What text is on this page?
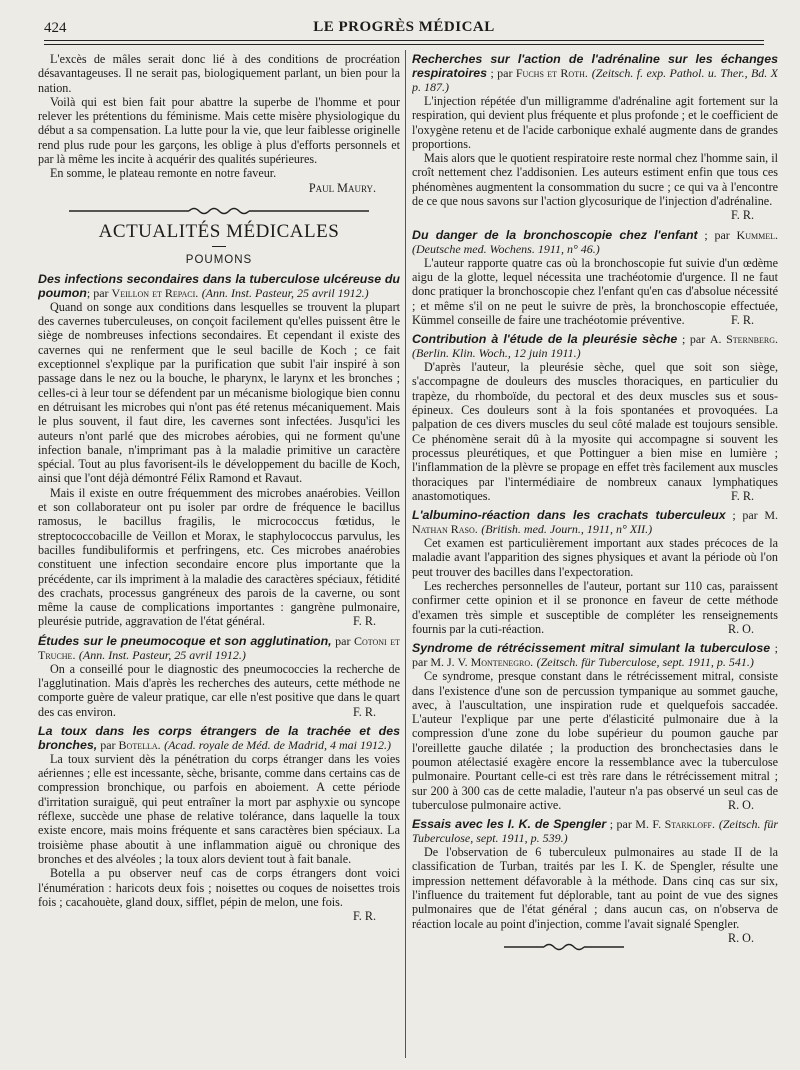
424	LE PROGRÈS MÉDICAL

L'excès de mâles serait donc lié à des conditions de procréation désavantageuses. Il ne serait pas, biologiquement parlant, un bien pour la nation.

Voilà qui est bien fait pour abattre la superbe de l'homme et pour relever les prétentions du féminisme. Mais cette misère physiologique du début a sa compensation. La lutte pour la vie, que leur faiblesse originelle rend plus rude pour les garçons, les oblige à plus d'efforts personnels et par là même les incite à acquérir des qualités supérieures.

En somme, le plateau remonte en notre faveur.

Paul Maury.
ACTUALITÉS MÉDICALES
POUMONS
Des infections secondaires dans la tuberculose ulcéreuse du poumon; par Veillon et Repaci. (Ann. Inst. Pasteur, 25 avril 1912.)

Quand on songe aux conditions dans lesquelles se trouvent la plupart des cavernes tuberculeuses, on conçoit facilement qu'elles puissent être le siège de nombreuses infections secondaires. Et cependant il existe des cavernes qui ne renferment que le seul bacille de Koch ; ce fait exceptionnel s'explique par la purification que subit l'air inspiré à son passage dans le nez ou la bouche, le pharynx, le larynx et les bronches ; celles-ci à leur tour se défendent par un mécanisme biologique bien connu en détruisant les microbes qui n'ont pas été retenus mécaniquement. Mais le plus souvent, il faut dire, les cavernes sont infectées. Jusqu'ici les auteurs n'ont parlé que des microbes aérobies, qui ne forment qu'une infection banale, n'imprimant pas à la maladie primitive un caractère spécial. Tout au plus favorisent-ils le développement du bacille de Koch, ainsi que l'ont déjà démontré Félix Ramond et Ravaut.

Mais il existe en outre fréquemment des microbes anaérobies. Veillon et son collaborateur ont pu isoler par ordre de fréquence le bacillus ramosus, le bacillus fragilis, le micrococcus fœtidus, le streptococcobacille de Veillon et Morax, le staphylococcus parvulus, les bacilles fundibuliformis et perfringens, etc. Ces microbes anaérobies constituent une infection secondaire encore plus importante que la précédente, car ils impriment à la maladie des caractères spéciaux, fétidité des crachats, processus gangréneux des parois de la caverne, ou sont même la cause de complications importantes : gangrène pulmonaire, pleurésie putride, aggravation de l'état général.	F. R.

Études sur le pneumocoque et son agglutination, par Cotoni et Truche. (Ann. Inst. Pasteur, 25 avril 1912.)

On a conseillé pour le diagnostic des pneumococcies la recherche de l'agglutination. Mais d'après les recherches des auteurs, cette méthode ne comporte guère de valeur pratique, car elle n'est positive que dans le quart des cas environ.	F. R.

La toux dans les corps étrangers de la trachée et des bronches, par Botella. (Acad. royale de Méd. de Madrid, 4 mai 1912.)

La toux survient dès la pénétration du corps étranger dans les voies aériennes ; elle est incessante, sèche, brisante, comme dans certains cas de compression bronchique, ou parfois en aboiement. A cette période d'irritation suraiguë, qui peut entraîner la mort par asphyxie ou syncope réflexe, succède une phase de relative tolérance, dans laquelle la toux existe encore, mais moins fréquente et sans caractères bien spéciaux. La troisième phase aboutit à une inflammation aiguë ou chronique des bronches et des alvéoles ; la toux alors devient tout à fait banale.

Botella a pu observer neuf cas de corps étrangers dont voici l'énumération : haricots deux fois ; noisettes ou coques de noisettes trois fois ; cacahouète, gland doux, sifflet, pépin de melon, une fois.
F. R.

Recherches sur l'action de l'adrénaline sur les échanges respiratoires ; par Fuchs et Roth. (Zeitsch. f. exp. Pathol. u. Ther., Bd. X p. 187.)

L'injection répétée d'un milligramme d'adrénaline agit fortement sur la respiration, qui devient plus fréquente et plus profonde ; et le coefficient de l'oxygène retenu et de l'acide carbonique exhalé augmente dans de grandes proportions.

Mais alors que le quotient respiratoire reste normal chez l'homme sain, il croît nettement chez l'addisonien. Les auteurs estiment enfin que tous ces phénomènes augmentent la consommation du sucre ; ce qui va à l'encontre de ce que nous savons sur l'action glycosurique de l'injection d'adrénaline.

F. R.
Du danger de la bronchoscopie chez l'enfant ; par Kummel. (Deutsche med. Wochens. 1911, n° 46.)

L'auteur rapporte quatre cas où la bronchoscopie fut suivie d'un œdème aigu de la glotte, lequel nécessita une trachéotomie d'urgence. Il ne faut donc pratiquer la bronchoscopie chez l'enfant qu'en cas d'absolue nécessité ; et même s'il on ne peut le suivre de près, la bronchoscopie effectuée, Kümmel conseille de faire une trachéotomie préventive.	F. R.

Contribution à l'étude de la pleurésie sèche ; par A. Sternberg. (Berlin. Klin. Woch., 12 juin 1911.)

D'après l'auteur, la pleurésie sèche, quel que soit son siège, s'accompagne de douleurs des muscles thoraciques, en particulier du trapèze, du rhomboïde, du pectoral et des deux muscles sus et sous-épineux. Ces douleurs sont à la fois spontanées et provoquées. La palpation de ces divers muscles du seul côté malade est toujours sensible. Ce phénomène serait dû à la myosite qui accompagne si souvent les processus pleurétiques, et que Pottinguer a bien mise en lumière ; l'inflammation de la plèvre se propage en effet très facilement aux muscles thoraciques par l'intermédiaire de nombreux canaux lymphatiques anastomotiques.	F. R.

L'albumino-réaction dans les crachats tuberculeux ; par M. Nathan Raso. (British. med. Journ., 1911, n° XII.)

Cet examen est particulièrement important aux stades précoces de la maladie avant l'apparition des signes physiques et avant la période où l'on peut trouver des bacilles dans l'expectoration.

Les recherches personnelles de l'auteur, portant sur 110 cas, paraissent confirmer cette opinion et il se prononce en faveur de cette méthode d'examen très simple et susceptible de compléter les renseignements fournis par la cuti-réaction.	R. O.

Syndrome de rétrécissement mitral simulant la tuberculose ; par M. J. V. Montenegro. (Zeitsch. für Tuberculose, sept. 1911, p. 541.)

Ce syndrome, presque constant dans le rétrécissement mitral, consiste dans l'existence d'une son de percussion tympanique au sommet gauche, avec, à l'auscultation, une inspiration rude et quelquefois saccadée. L'auteur l'explique par une perte d'élasticité pulmonaire due à la compression d'une zone du lobe supérieur du poumon gauche par l'oreillette gauche dilatée ; la production des bronchectasies dans le poumon atélectasié exagère encore la ressemblance avec la tuberculose pulmonaire. Pourtant celle-ci est très rare dans le rétrécissement mitral ; sur 200 à 300 cas de cette maladie, l'auteur n'a pas observé un seul cas de tuberculose pulmonaire active.	R. O.

Essais avec les I. K. de Spengler ; par M. F. Starkloff. (Zeitsch. für Tuberculose, sept. 1911, p. 539.)

De l'observation de 6 tuberculeux pulmonaires au stade II de la classification de Turban, traités par les I. K. de Spengler, résulte une impression nettement défavorable à la méthode. Dans cinq cas sur six, l'influence du traitement fut déplorable, tant au point de vue des signes pulmonaires que de l'état général ; dans aucun cas, on n'observa de réaction locale au point d'injection, comme l'avait signalé Spengler.
R. O.
